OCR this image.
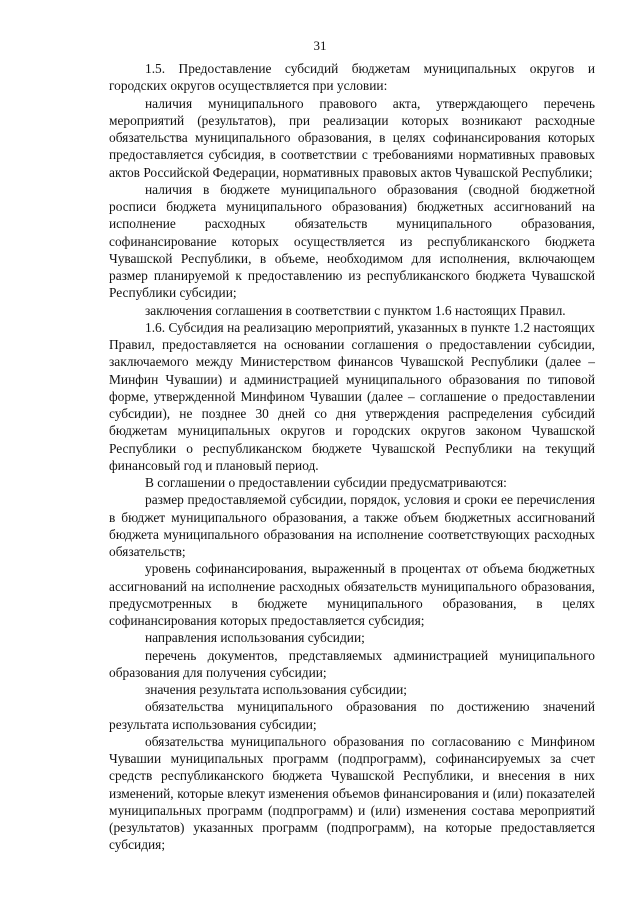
31

1.5. Предоставление субсидий бюджетам муниципальных округов и городских округов осуществляется при условии:

наличия муниципального правового акта, утверждающего перечень мероприятий (результатов), при реализации которых возникают расходные обязательства муниципального образования, в целях софинансирования которых предоставляется субсидия, в соответствии с требованиями нормативных правовых актов Российской Федерации, нормативных правовых актов Чувашской Республики;

наличия в бюджете муниципального образования (сводной бюджетной росписи бюджета муниципального образования) бюджетных ассигнований на исполнение расходных обязательств муниципального образования, софинансирование которых осуществляется из республиканского бюджета Чувашской Республики, в объеме, необходимом для исполнения, включающем размер планируемой к предоставлению из республиканского бюджета Чувашской Республики субсидии;

заключения соглашения в соответствии с пунктом 1.6 настоящих Правил.

1.6. Субсидия на реализацию мероприятий, указанных в пункте 1.2 настоящих Правил, предоставляется на основании соглашения о предоставлении субсидии, заключаемого между Министерством финансов Чувашской Республики (далее – Минфин Чувашии) и администрацией муниципального образования по типовой форме, утвержденной Минфином Чувашии (далее – соглашение о предоставлении субсидии), не позднее 30 дней со дня утверждения распределения субсидий бюджетам муниципальных округов и городских округов законом Чувашской Республики о республиканском бюджете Чувашской Республики на текущий финансовый год и плановый период.

В соглашении о предоставлении субсидии предусматриваются:

размер предоставляемой субсидии, порядок, условия и сроки ее перечисления в бюджет муниципального образования, а также объем бюджетных ассигнований бюджета муниципального образования на исполнение соответствующих расходных обязательств;

уровень софинансирования, выраженный в процентах от объема бюджетных ассигнований на исполнение расходных обязательств муниципального образования, предусмотренных в бюджете муниципального образования, в целях софинансирования которых предоставляется субсидия;

направления использования субсидии;

перечень документов, представляемых администрацией муниципального образования для получения субсидии;

значения результата использования субсидии;

обязательства муниципального образования по достижению значений результата использования субсидии;

обязательства муниципального образования по согласованию с Минфином Чувашии муниципальных программ (подпрограмм), софинансируемых за счет средств республиканского бюджета Чувашской Республики, и внесения в них изменений, которые влекут изменения объемов финансирования и (или) показателей муниципальных программ (подпрограмм) и (или) изменения состава мероприятий (результатов) указанных программ (подпрограмм), на которые предоставляется субсидия;
